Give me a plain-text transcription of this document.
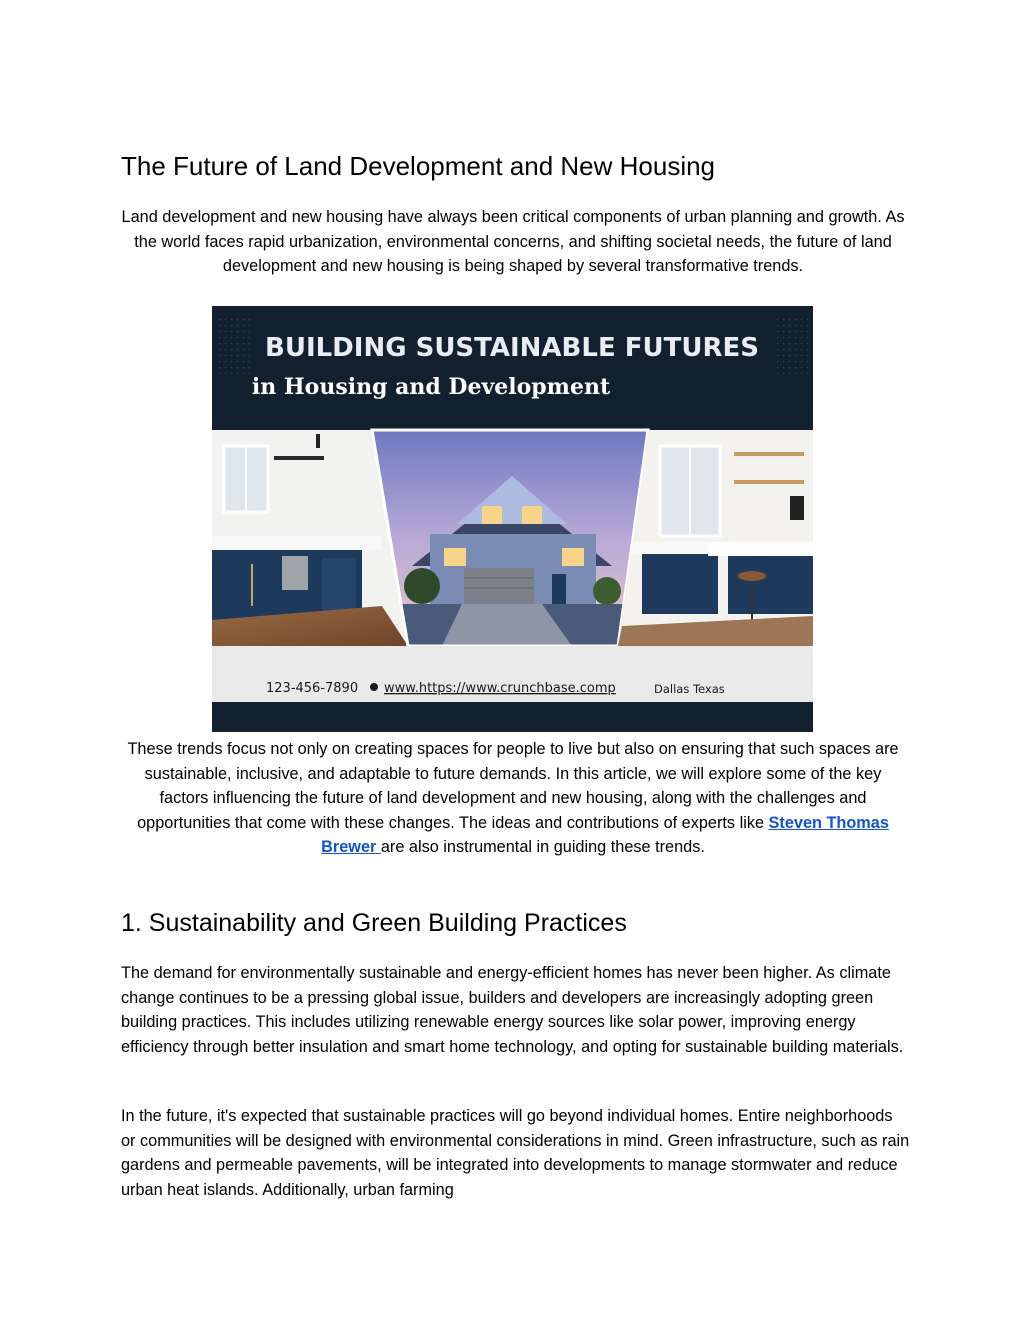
The Future of Land Development and New Housing

Land development and new housing have always been critical components of urban planning and growth. As the world faces rapid urbanization, environmental concerns, and shifting societal needs, the future of land development and new housing is being shaped by several transformative trends.

BUILDING SUSTAINABLE FUTURES
in Housing and Development
123-456-7890 www.https://www.crunchbase.comp	Dallas Texas

These trends focus not only on creating spaces for people to live but also on ensuring that such spaces are sustainable, inclusive, and adaptable to future demands. In this article, we will explore some of the key factors influencing the future of land development and new housing, along with the challenges and opportunities that come with these changes. The ideas and contributions of experts like Steven Thomas Brewer are also instrumental in guiding these trends.

1. Sustainability and Green Building Practices

The demand for environmentally sustainable and energy-efficient homes has never been higher. As climate change continues to be a pressing global issue, builders and developers are increasingly adopting green building practices. This includes utilizing renewable energy sources like solar power, improving energy efficiency through better insulation and smart home technology, and opting for sustainable building materials.

In the future, it's expected that sustainable practices will go beyond individual homes. Entire neighborhoods or communities will be designed with environmental considerations in mind. Green infrastructure, such as rain gardens and permeable pavements, will be integrated into developments to manage stormwater and reduce urban heat islands. Additionally, urban farming
